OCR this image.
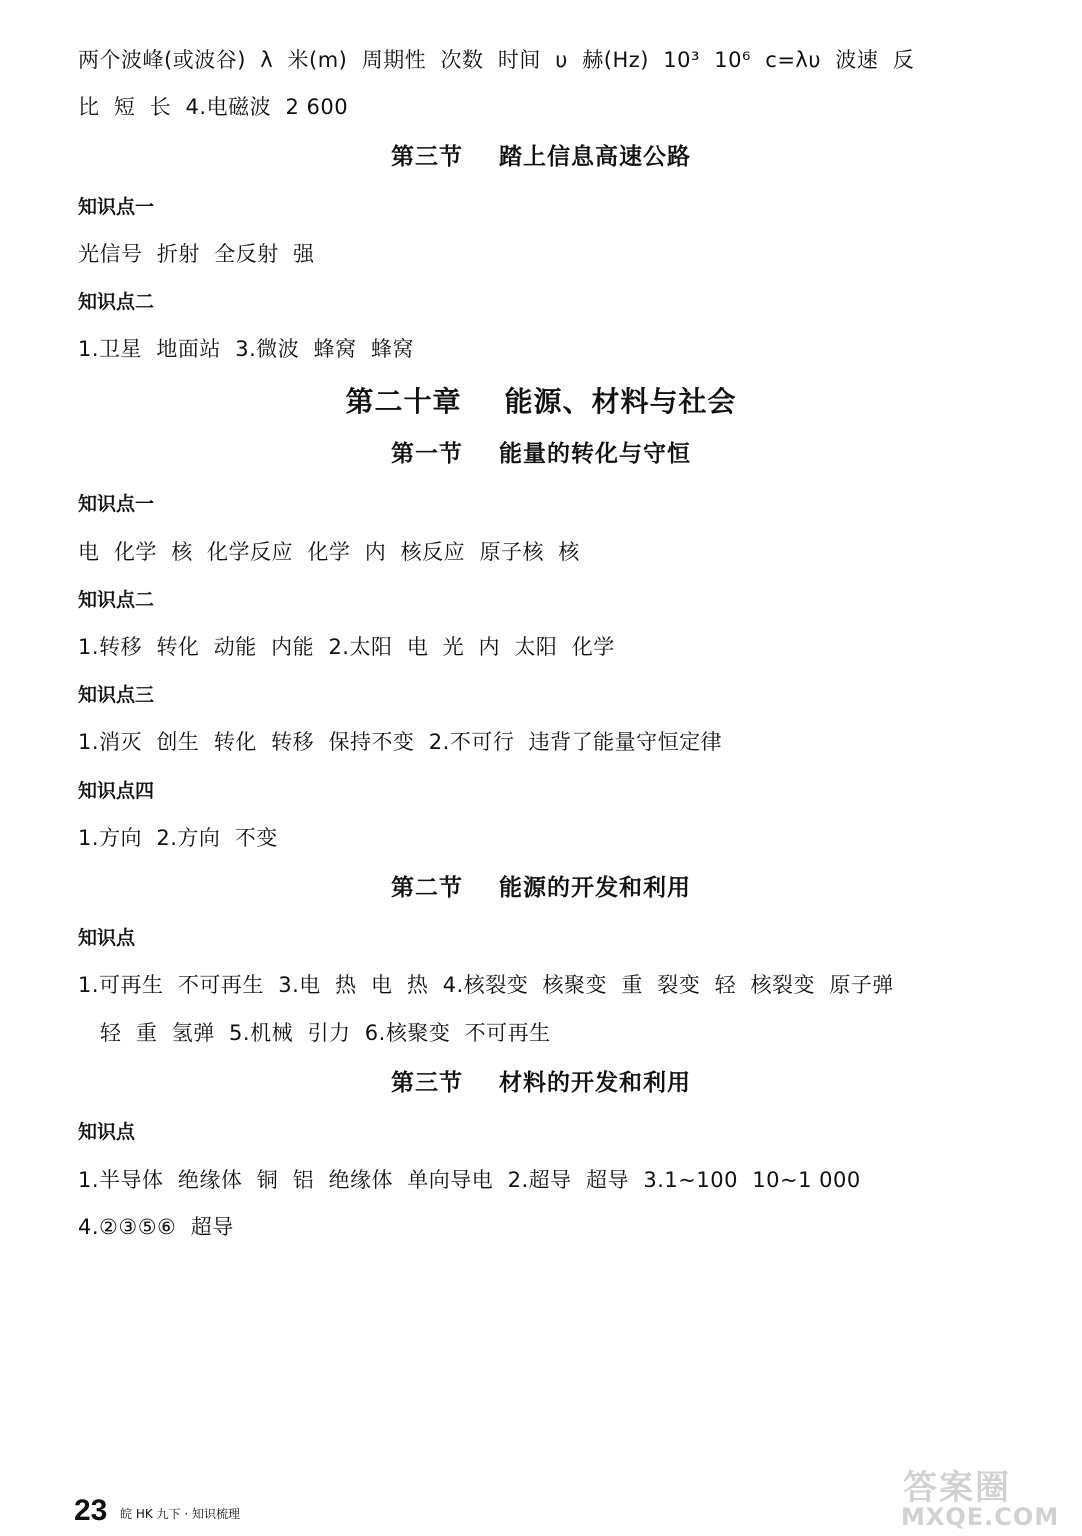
两个波峰(或波谷)  λ  米(m)  周期性  次数  时间  υ  赫(Hz)  10³  10⁶  c=λυ  波速  反
比  短  长  4.电磁波  2 600
第三节    踏上信息高速公路
知识点一
光信号  折射  全反射  强
知识点二
1.卫星  地面站  3.微波  蜂窝  蜂窝
第二十章    能源、材料与社会
第一节    能量的转化与守恒
知识点一
电  化学  核  化学反应  化学  内  核反应  原子核  核
知识点二
1.转移  转化  动能  内能  2.太阳  电  光  内  太阳  化学
知识点三
1.消灭  创生  转化  转移  保持不变  2.不可行  违背了能量守恒定律
知识点四
1.方向  2.方向  不变
第二节    能源的开发和利用
知识点
1.可再生  不可再生  3.电  热  电  热  4.核裂变  核聚变  重  裂变  轻  核裂变  原子弹
轻  重  氢弹  5.机械  引力  6.核聚变  不可再生
第三节    材料的开发和利用
知识点
1.半导体  绝缘体  铜  铝  绝缘体  单向导电  2.超导  超导  3.1~100  10~1 000
4.②③⑤⑥  超导
23 皖 HK 九下 · 知识梳理
答案圈
MXQE.COM
